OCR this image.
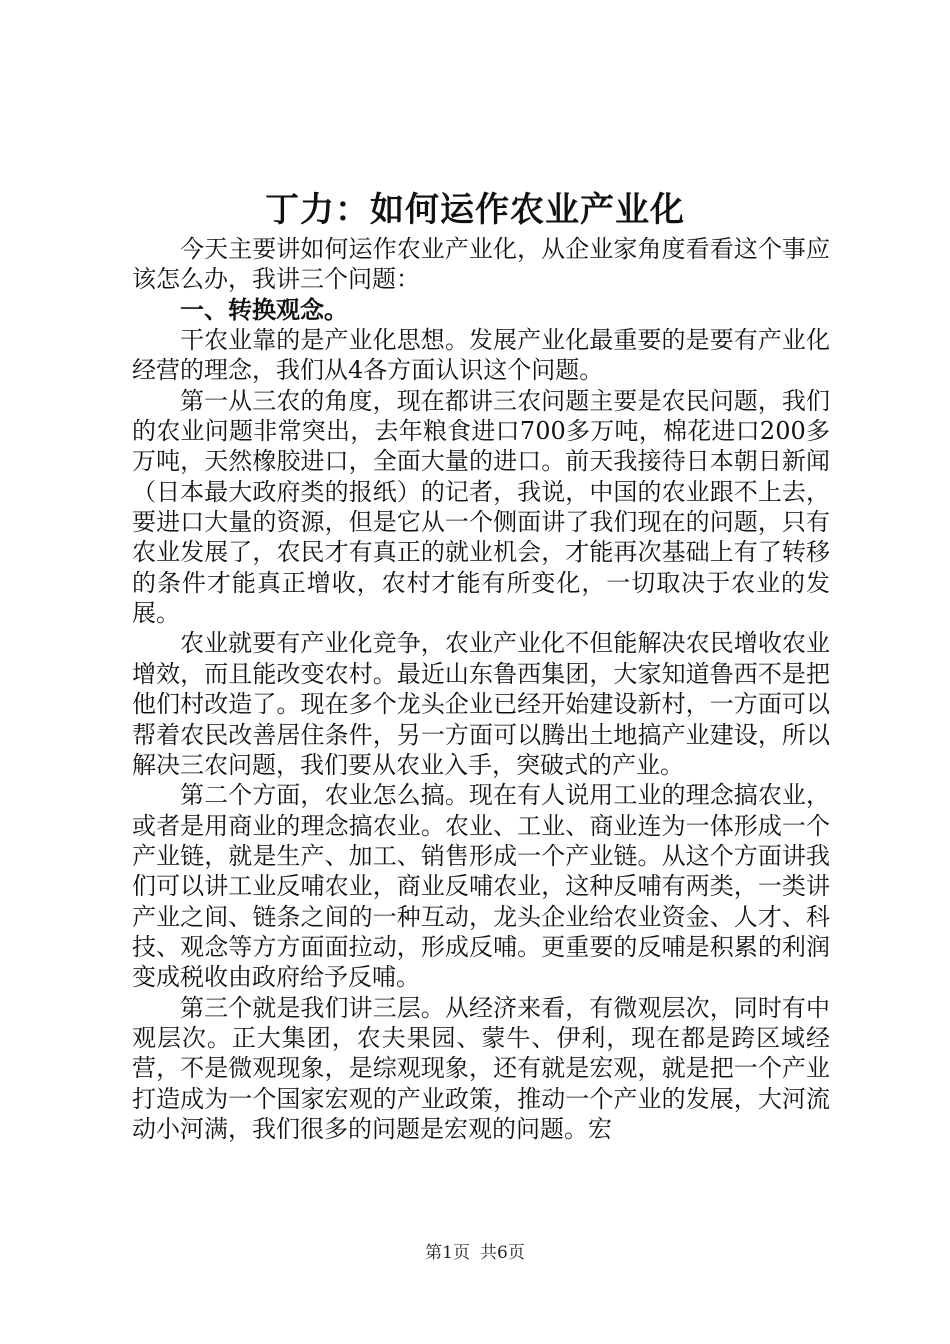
丁力：如何运作农业产业化

今天主要讲如何运作农业产业化，从企业家角度看看这个事应该怎么办，我讲三个问题：

一、转换观念。

干农业靠的是产业化思想。发展产业化最重要的是要有产业化经营的理念，我们从4各方面认识这个问题。

第一从三农的角度，现在都讲三农问题主要是农民问题，我们的农业问题非常突出，去年粮食进口700多万吨，棉花进口200多万吨，天然橡胶进口，全面大量的进口。前天我接待日本朝日新闻（日本最大政府类的报纸）的记者，我说，中国的农业跟不上去，要进口大量的资源，但是它从一个侧面讲了我们现在的问题，只有农业发展了，农民才有真正的就业机会，才能再次基础上有了转移的条件才能真正增收，农村才能有所变化，一切取决于农业的发展。

农业就要有产业化竞争，农业产业化不但能解决农民增收农业增效，而且能改变农村。最近山东鲁西集团，大家知道鲁西不是把他们村改造了。现在多个龙头企业已经开始建设新村，一方面可以帮着农民改善居住条件，另一方面可以腾出土地搞产业建设，所以解决三农问题，我们要从农业入手，突破式的产业。

第二个方面，农业怎么搞。现在有人说用工业的理念搞农业，或者是用商业的理念搞农业。农业、工业、商业连为一体形成一个产业链，就是生产、加工、销售形成一个产业链。从这个方面讲我们可以讲工业反哺农业，商业反哺农业，这种反哺有两类，一类讲产业之间、链条之间的一种互动，龙头企业给农业资金、人才、科技、观念等方方面面拉动，形成反哺。更重要的反哺是积累的利润变成税收由政府给予反哺。

第三个就是我们讲三层。从经济来看，有微观层次，同时有中观层次。正大集团，农夫果园、蒙牛、伊利，现在都是跨区域经营，不是微观现象，是综观现象，还有就是宏观，就是把一个产业打造成为一个国家宏观的产业政策，推动一个产业的发展，大河流动小河满，我们很多的问题是宏观的问题。宏

第1页 共6页
